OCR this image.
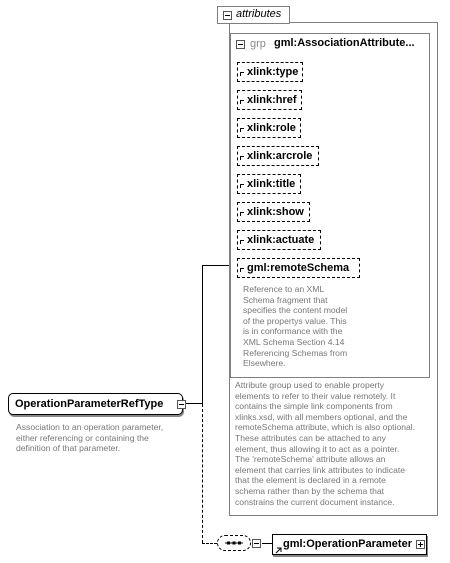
attributes
grp gml:AssociationAttribute...
xlink:type
xlink:href
xlink:role
xlink:arcrole
xlink:title
xlink:show
xlink:actuate
gml:remoteSchema
Reference to an XML
Schema fragment that
specifies the content model
of the propertys value. This
is in conformance with the
XML Schema Section 4.14
Referencing Schemas from
Elsewhere.
Attribute group used to enable property
elements to refer to their value remotely. It
contains the simple link components from
xlinks.xsd, with all members optional, and the
remoteSchema attribute, which is also optional.
These attributes can be attached to any
element, thus allowing it to act as a pointer.
The 'remoteSchema' attribute allows an
element that carries link attributes to indicate
that the element is declared in a remote
schema rather than by the schema that
constrains the current document instance.
OperationParameterRefType
Association to an operation parameter,
either referencing or containing the
definition of that parameter.
gml:OperationParameter
